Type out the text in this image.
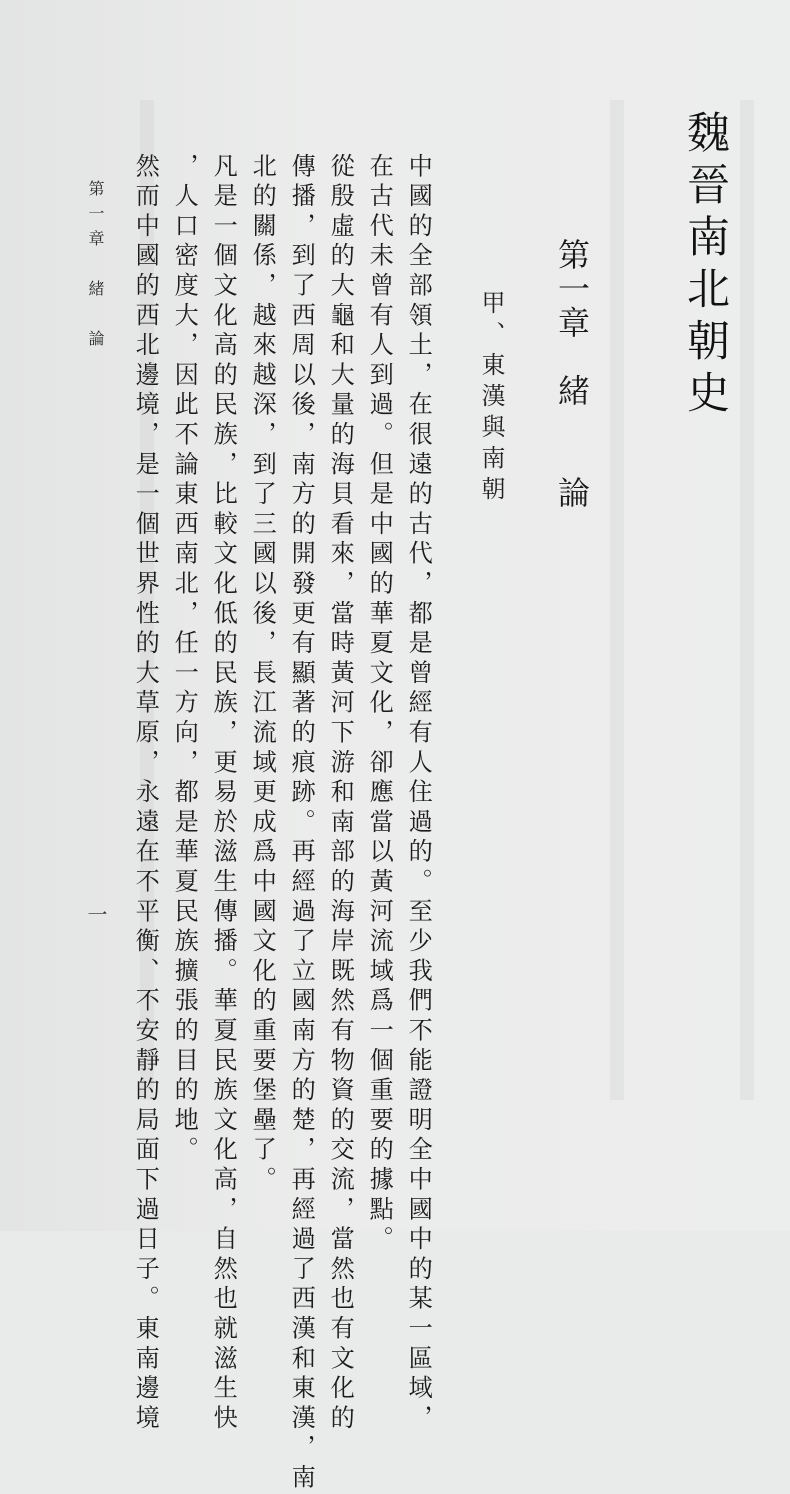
魏晉南北朝史
第一章　緒　　論
甲、東漢與南朝
中國的全部領土，在很遠的古代，都是曾經有人住過的。至少我們不能證明全中國中的某一區域，
在古代未曾有人到過。但是中國的華夏文化，卻應當以黃河流域爲一個重要的據點。
從殷虛的大龜和大量的海貝看來，當時黃河下游和南部的海岸既然有物資的交流，當然也有文化的
傳播，到了西周以後，南方的開發更有顯著的痕跡。再經過了立國南方的楚，再經過了西漢和東漢，南
北的關係，越來越深，到了三國以後，長江流域更成爲中國文化的重要堡壘了。
凡是一個文化高的民族，比較文化低的民族，更易於滋生傳播。華夏民族文化高，自然也就滋生快
，人口密度大，因此不論東西南北，任一方向，都是華夏民族擴張的目的地。
然而中國的西北邊境，是一個世界性的大草原，永遠在不平衡、不安靜的局面下過日子。東南邊境
第一章　緒　論
一
